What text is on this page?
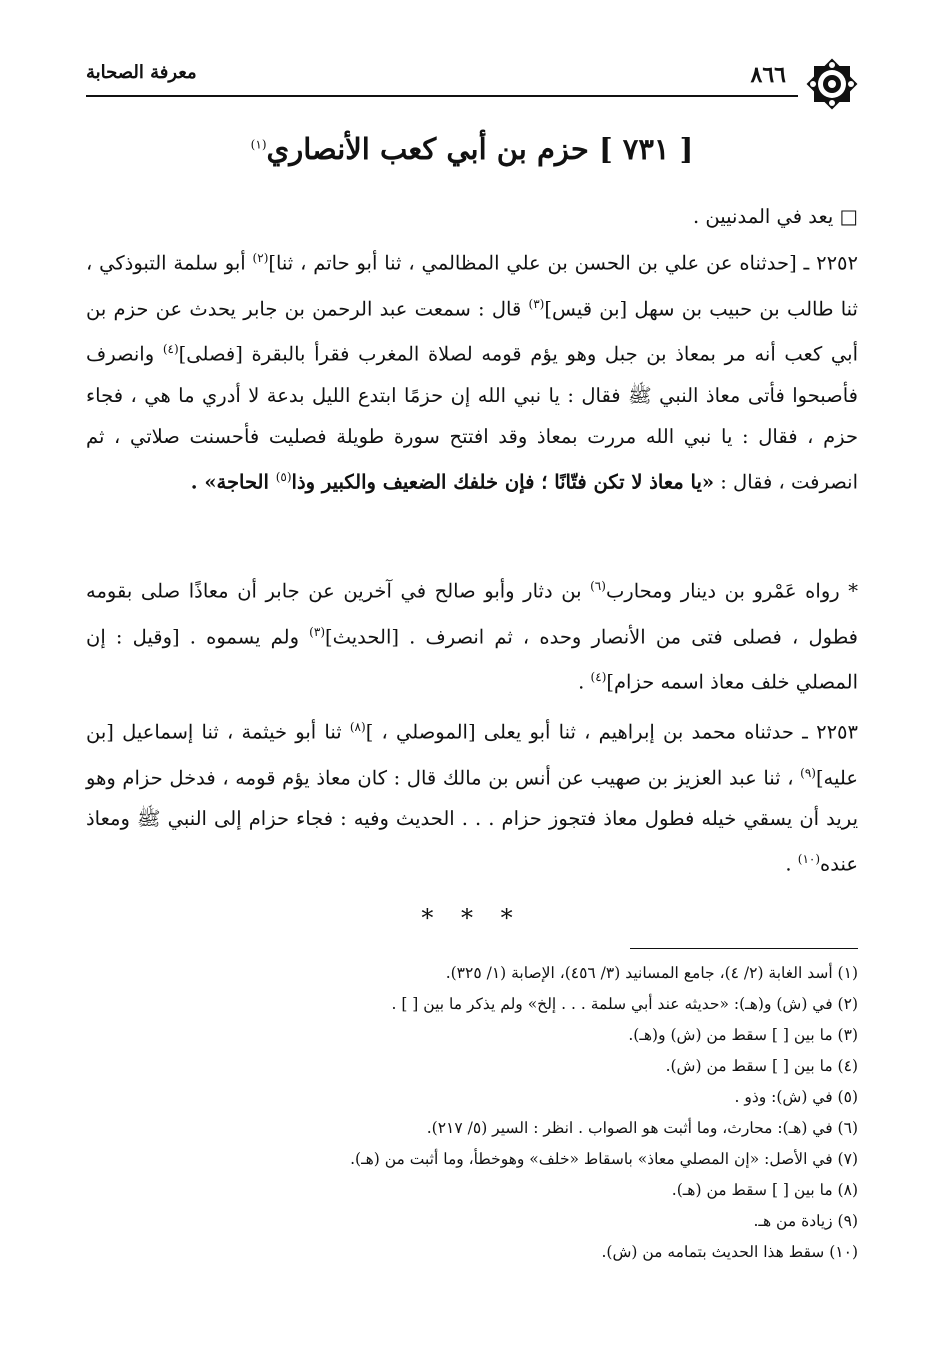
٨٦٦
معرفة الصحابة
[ ٧٣١ ] حزم بن أبي كعب الأنصاري$^{(١)}$
□ يعد في المدنيين .
٢٢٥٢ ـ [حدثناه عن علي بن الحسن بن علي المظالمي ، ثنا أبو حاتم ، ثنا]$^{(٢)}$ أبو سلمة التبوذكي ، ثنا طالب بن حبيب بن سهل [بن قيس]$^{(٣)}$ قال : سمعت عبد الرحمن بن جابر يحدث عن حزم بن أبي كعب أنه مر بمعاذ بن جبل وهو يؤم قومه لصلاة المغرب فقرأ بالبقرة [فصلى]$^{(٤)}$ وانصرف فأصبحوا فأتى معاذ النبي ﷺ فقال : يا نبي الله إن حزمًا ابتدع الليل بدعة لا أدري ما هي ، فجاء حزم ، فقال : يا نبي الله مررت بمعاذ وقد افتتح سورة طويلة فصليت فأحسنت صلاتي ، ثم انصرفت ، فقال : «يا معاذ لا تكن فتّانًا ؛ فإن خلفك الضعيف والكبير وذا$^{(٥)}$ الحاجة» .
* رواه عَمْرو بن دينار ومحارب$^{(٦)}$ بن دثار وأبو صالح في آخرين عن جابر أن معاذًا صلى بقومه فطول ، فصلى فتى من الأنصار وحده ، ثم انصرف . [الحديث]$^{(٣)}$ ولم يسموه . [وقيل : إن المصلي خلف معاذ اسمه حزام]$^{(٤)}$ .
٢٢٥٣ ـ حدثناه محمد بن إبراهيم ، ثنا أبو يعلى [الموصلي ، ]$^{(٨)}$ ثنا أبو خيثمة ، ثنا إسماعيل [بن عليه]$^{(٩)}$ ، ثنا عبد العزيز بن صهيب عن أنس بن مالك قال : كان معاذ يؤم قومه ، فدخل حزام وهو يريد أن يسقي خيله فطول معاذ فتجوز حزام . . . الحديث وفيه : فجاء حزام إلى النبي ﷺ ومعاذ عنده$^{(١٠)}$ .
* * *
(١) أسد الغابة (٢/ ٤)، جامع المسانيد (٣/ ٤٥٦)، الإصابة (١/ ٣٢٥).
(٢) في (ش) و(هـ): «حديثه عند أبي سلمة . . . إلخ» ولم يذكر ما بين [ ] .
(٣) ما بين [ ] سقط من (ش) و(هـ).
(٤) ما بين [ ] سقط من (ش).
(٥) في (ش): وذو .
(٦) في (هـ): محارث، وما أثبت هو الصواب . انظر : السير (٥/ ٢١٧).
(٧) في الأصل: «إن المصلي معاذ» باسقاط «خلف» وهوخطأ، وما أثبت من (هـ).
(٨) ما بين [ ] سقط من (هـ).
(٩) زيادة من هـ.
(١٠) سقط هذا الحديث بتمامه من (ش).
